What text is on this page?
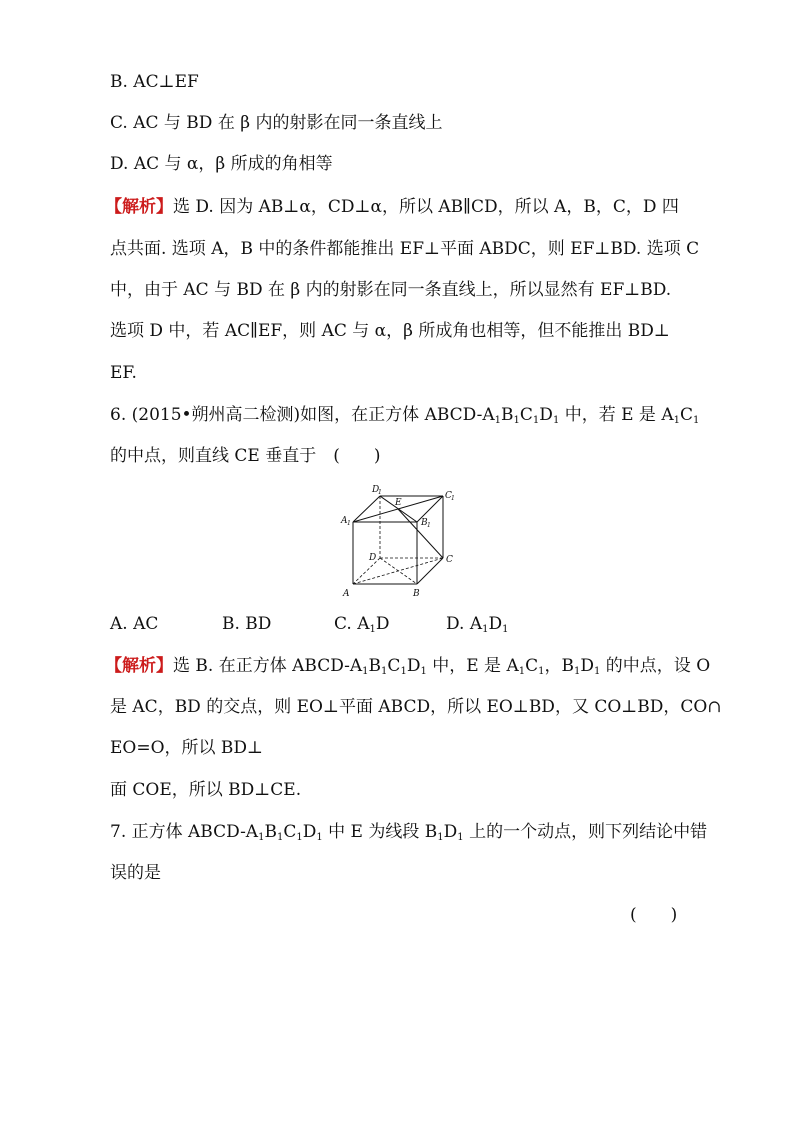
B. AC⊥EF
C. AC 与 BD 在 β 内的射影在同一条直线上
D. AC 与 α，β 所成的角相等
【解析】选 D. 因为 AB⊥α，CD⊥α，所以 AB∥CD，所以 A，B，C，D 四
点共面. 选项 A，B 中的条件都能推出 EF⊥平面 ABDC，则 EF⊥BD. 选项 C
中，由于 AC 与 BD 在 β 内的射影在同一条直线上，所以显然有 EF⊥BD.
选项 D 中，若 AC∥EF，则 AC 与 α，β 所成角也相等，但不能推出 BD⊥
EF.
6. (2015•朔州高二检测)如图，在正方体 ABCD-$A_1B_1C_1D_1$ 中，若 E 是 $A_1C_1$
的中点，则直线 CE 垂直于　(　　)
A	B
C
D
A 1	B 1
C 1
D
1
E
A. AC	B. BD	C. $A_1D$	D. $A_1D_1$
【解析】选 B. 在正方体 ABCD-$A_1B_1C_1D_1$ 中，E 是 $A_1C_1$，$B_1D_1$ 的中点，设 O
是 AC，BD 的交点，则 EO⊥平面 ABCD，所以 EO⊥BD，又 CO⊥BD，CO∩
EO=O，所以 BD⊥
面 COE，所以 BD⊥CE.
7. 正方体 ABCD-$A_1B_1C_1D_1$ 中 E 为线段 $B_1D_1$ 上的一个动点，则下列结论中错
误的是
(　　)
